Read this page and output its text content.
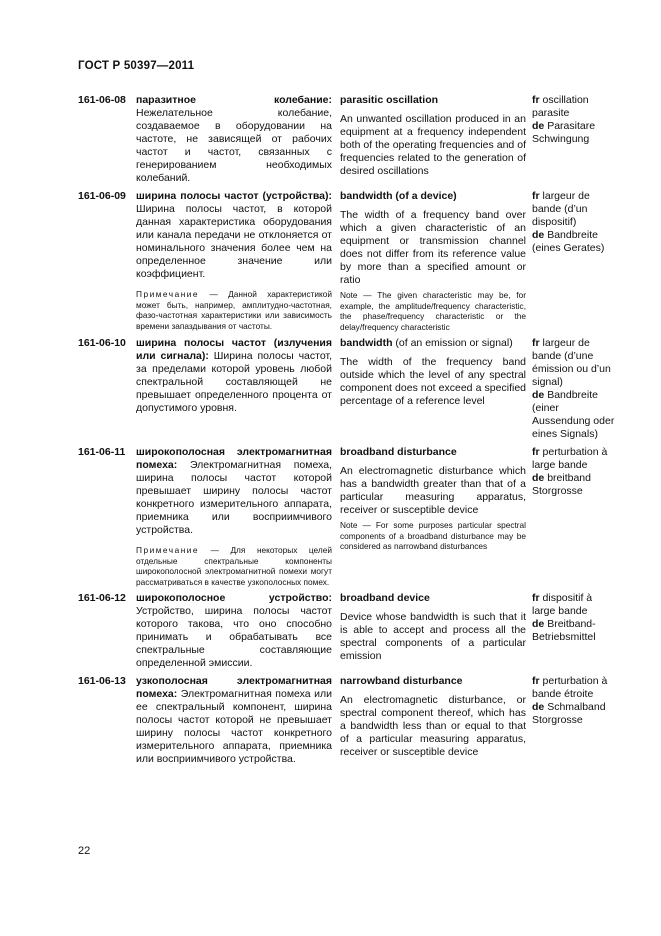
ГОСТ Р 50397—2011
161-06-08 паразитное колебание: Нежелательное колебание, создаваемое в оборудовании на частоте, не зависящей от рабочих частот и частот, связанных с генерированием необходимых колебаний.
parasitic oscillation
An unwanted oscillation produced in an equipment at a frequency independent both of the operating frequencies and of frequencies related to the generation of desired oscillations
fr oscillation parasite
de Parasitare Schwingung
161-06-09 ширина полосы частот (устройства): Ширина полосы частот, в которой данная характеристика оборудования или канала передачи не отклоняется от номинального значения более чем на определенное значение или коэффициент.
Примечание — Данной характеристикой может быть, например, амплитудно-частотная, фазо-частотная характеристики или зависимость времени запаздывания от частоты.
bandwidth (of a device)
The width of a frequency band over which a given characteristic of an equipment or transmission channel does not differ from its reference value by more than a specified amount or ratio
Note — The given characteristic may be, for example, the amplitude/frequency characteristic, the phase/frequency characteristic or the delay/frequency characteristic
fr largeur de bande (d’un dispositif)
de Bandbreite (eines Gerates)
161-06-10 ширина полосы частот (излучения или сигнала): Ширина полосы частот, за пределами которой уровень любой спектральной составляющей не превышает определенного процента от допустимого уровня.
bandwidth (of an emission or signal)
The width of the frequency band outside which the level of any spectral component does not exceed a specified percentage of a reference level
fr largeur de bande (d’une émission ou d’un signal)
de Bandbreite (einer Aussendung oder eines Signals)
161-06-11	широкополосная электромагнитная помеха: Электромагнитная помеха, ширина полосы частот которой превышает ширину полосы частот конкретного измерительного аппарата, приемника или восприимчивого устройства.
Примечание — Для некоторых целей отдельные спектральные компоненты широкополосной электромагнитной помехи могут рассматриваться в качестве узкополосных помех.
broadband disturbance
An electromagnetic disturbance which has a bandwidth greater than that of a particular measuring apparatus, receiver or susceptible device
Note — For some purposes particular spectral components of a broadband disturbance may be considered as narrowband disturbances
fr perturbation à large bande
de breitband Storgrosse
161-06-12 широкополосное устройство: Устройство, ширина полосы частот которого такова, что оно способно принимать и обрабатывать все спектральные составляющие определенной эмиссии.
broadband device
Device whose bandwidth is such that it is able to accept and process all the spectral components of a particular emission
fr dispositif à large bande
de Breitband-Betriebsmittel
161-06-13 узкополосная электромагнитная помеха: Электромагнитная помеха или ее спектральный компонент, ширина полосы частот которой не превышает ширину полосы частот конкретного измерительного аппарата, приемника или восприимчивого устройства.
narrowband disturbance
An electromagnetic disturbance, or spectral component thereof, which has a bandwidth less than or equal to that of a particular measuring apparatus, receiver or susceptible device
fr perturbation à bande étroite
de Schmalband Storgrosse
22
